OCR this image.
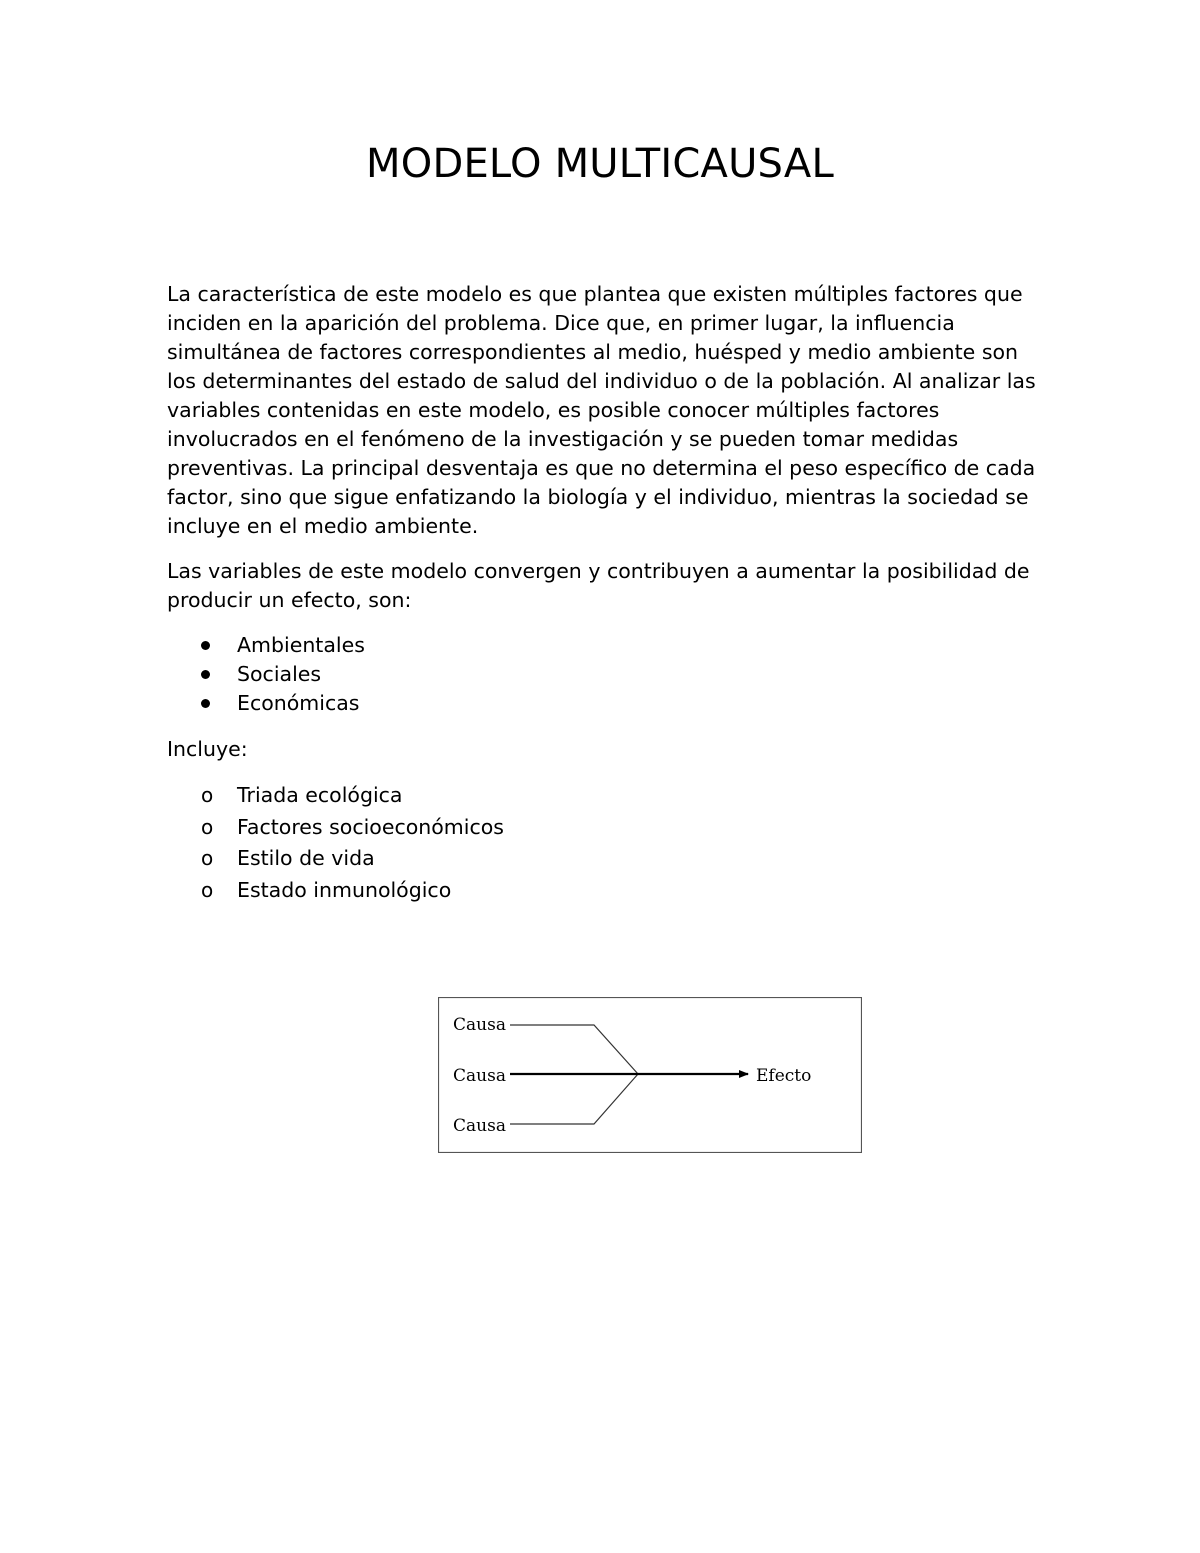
MODELO MULTICAUSAL

La característica de este modelo es que plantea que existen múltiples factores que inciden en la aparición del problema. Dice que, en primer lugar, la influencia simultánea de factores correspondientes al medio, huésped y medio ambiente son los determinantes del estado de salud del individuo o de la población. Al analizar las variables contenidas en este modelo, es posible conocer múltiples factores involucrados en el fenómeno de la investigación y se pueden tomar medidas preventivas. La principal desventaja es que no determina el peso específico de cada factor, sino que sigue enfatizando la biología y el individuo, mientras la sociedad se incluye en el medio ambiente.

Las variables de este modelo convergen y contribuyen a aumentar la posibilidad de producir un efecto, son:

Ambientales
Sociales
Económicas

Incluye:

o Triada ecológica
o Factores socioeconómicos
o Estilo de vida
o Estado inmunológico
Causa
Causa
Causa
Efecto
